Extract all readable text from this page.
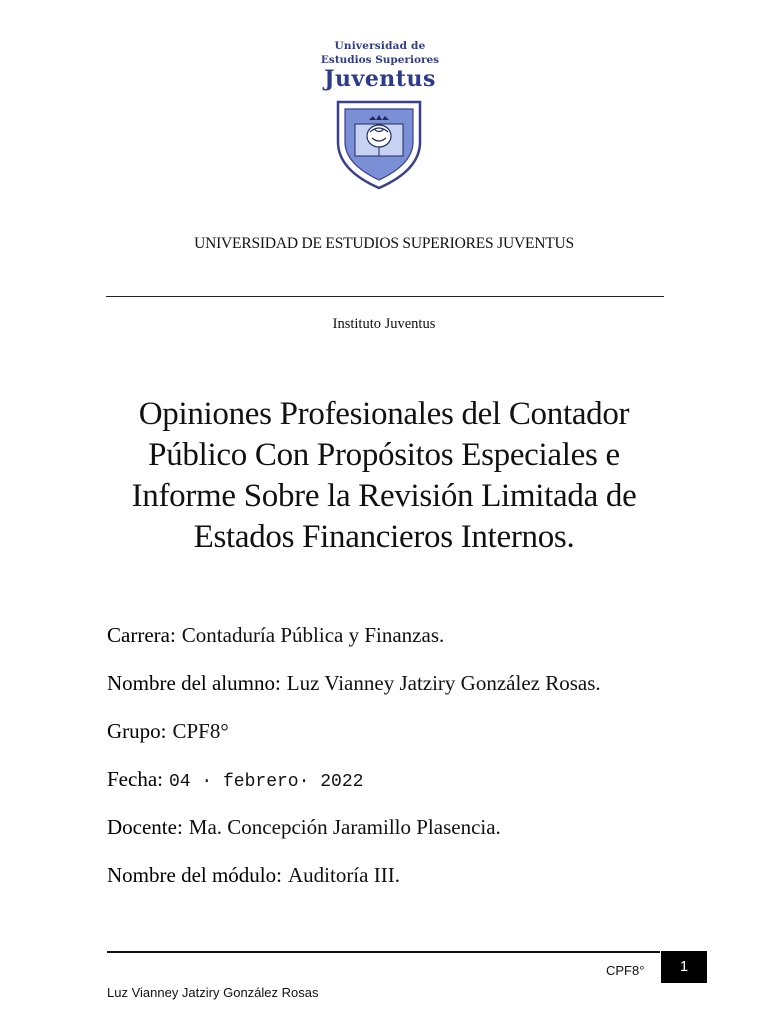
Universidad de
Estudios Superiores
Juventus
UNIVERSIDAD DE ESTUDIOS SUPERIORES JUVENTUS
Instituto Juventus
Opiniones Profesionales del Contador
Público Con Propósitos Especiales e
Informe Sobre la Revisión Limitada de
Estados Financieros Internos.
Carrera: Contaduría Pública y Finanzas.
Nombre del alumno: Luz Vianney Jatziry González Rosas.
Grupo: CPF8°
Fecha: 04 · febrero· 2022
Docente: Ma. Concepción Jaramillo Plasencia.
Nombre del módulo: Auditoría III.
CPF8°	1
Luz Vianney Jatziry González Rosas
